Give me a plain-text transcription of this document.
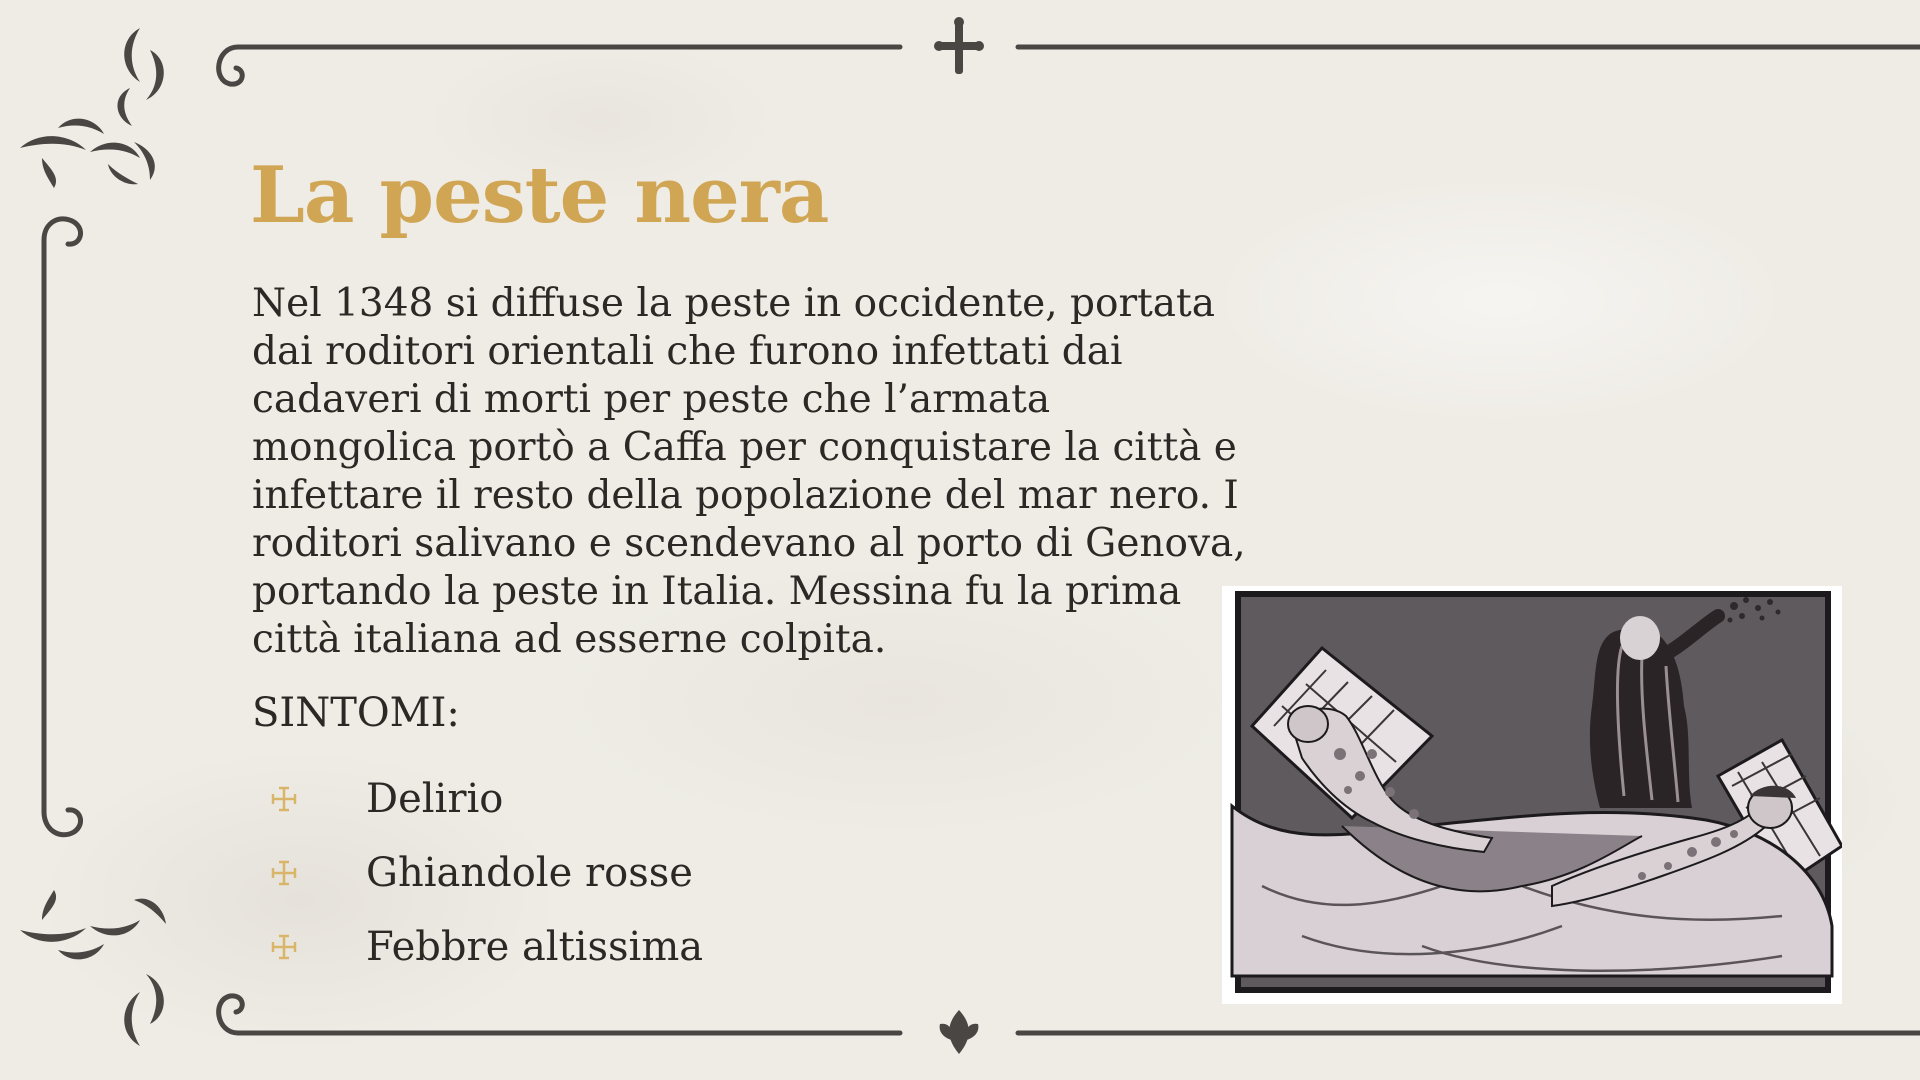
La peste nera

Nel 1348 si diffuse la peste in occidente, portata dai roditori orientali che furono infettati dai cadaveri di morti per peste che l’armata mongolica portò a Caffa per conquistare la città e infettare il resto della popolazione del mar nero. I roditori salivano e scendevano al porto di Genova, portando la peste in Italia. Messina fu la prima città italiana ad esserne colpita.

SINTOMI:

Delirio
Ghiandole rosse
Febbre altissima
